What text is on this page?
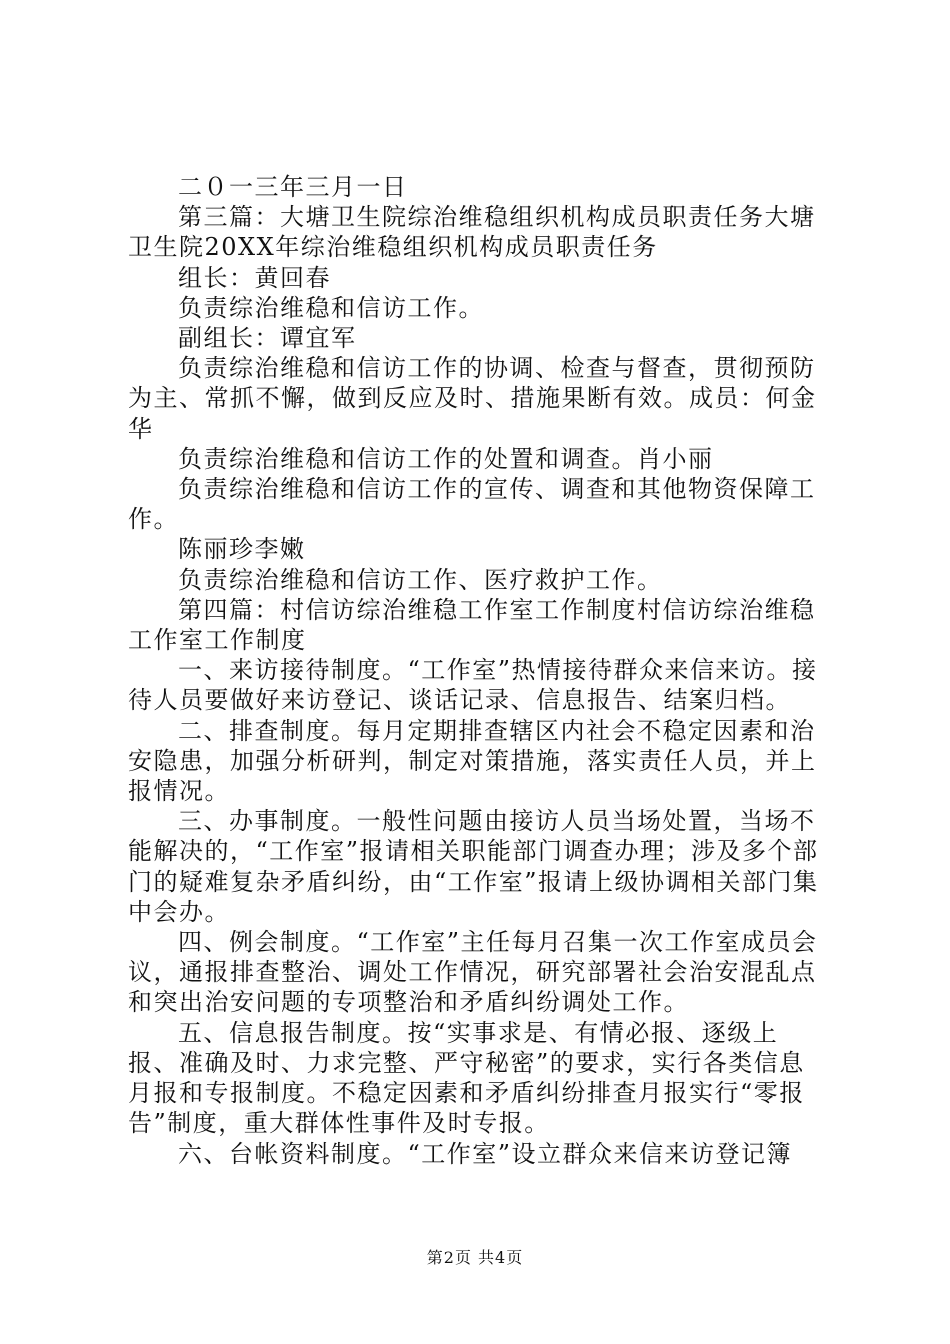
二０一三年三月一日

第三篇：大塘卫生院综治维稳组织机构成员职责任务大塘卫生院20XX年综治维稳组织机构成员职责任务

组长：黄回春

负责综治维稳和信访工作。

副组长：谭宜军

负责综治维稳和信访工作的协调、检查与督查，贯彻预防为主、常抓不懈，做到反应及时、措施果断有效。成员：何金华

负责综治维稳和信访工作的处置和调查。肖小丽

负责综治维稳和信访工作的宣传、调查和其他物资保障工作。

陈丽珍李嫩

负责综治维稳和信访工作、医疗救护工作。

第四篇：村信访综治维稳工作室工作制度村信访综治维稳工作室工作制度

一、来访接待制度。“工作室”热情接待群众来信来访。接待人员要做好来访登记、谈话记录、信息报告、结案归档。

二、排查制度。每月定期排查辖区内社会不稳定因素和治安隐患，加强分析研判，制定对策措施，落实责任人员，并上报情况。

三、办事制度。一般性问题由接访人员当场处置，当场不能解决的，“工作室”报请相关职能部门调查办理；涉及多个部门的疑难复杂矛盾纠纷，由“工作室”报请上级协调相关部门集中会办。

四、例会制度。“工作室”主任每月召集一次工作室成员会议，通报排查整治、调处工作情况，研究部署社会治安混乱点和突出治安问题的专项整治和矛盾纠纷调处工作。

五、信息报告制度。按“实事求是、有情必报、逐级上报、准确及时、力求完整、严守秘密”的要求，实行各类信息月报和专报制度。不稳定因素和矛盾纠纷排查月报实行“零报告”制度，重大群体性事件及时专报。

六、台帐资料制度。“工作室”设立群众来信来访登记簿

第2页 共4页
